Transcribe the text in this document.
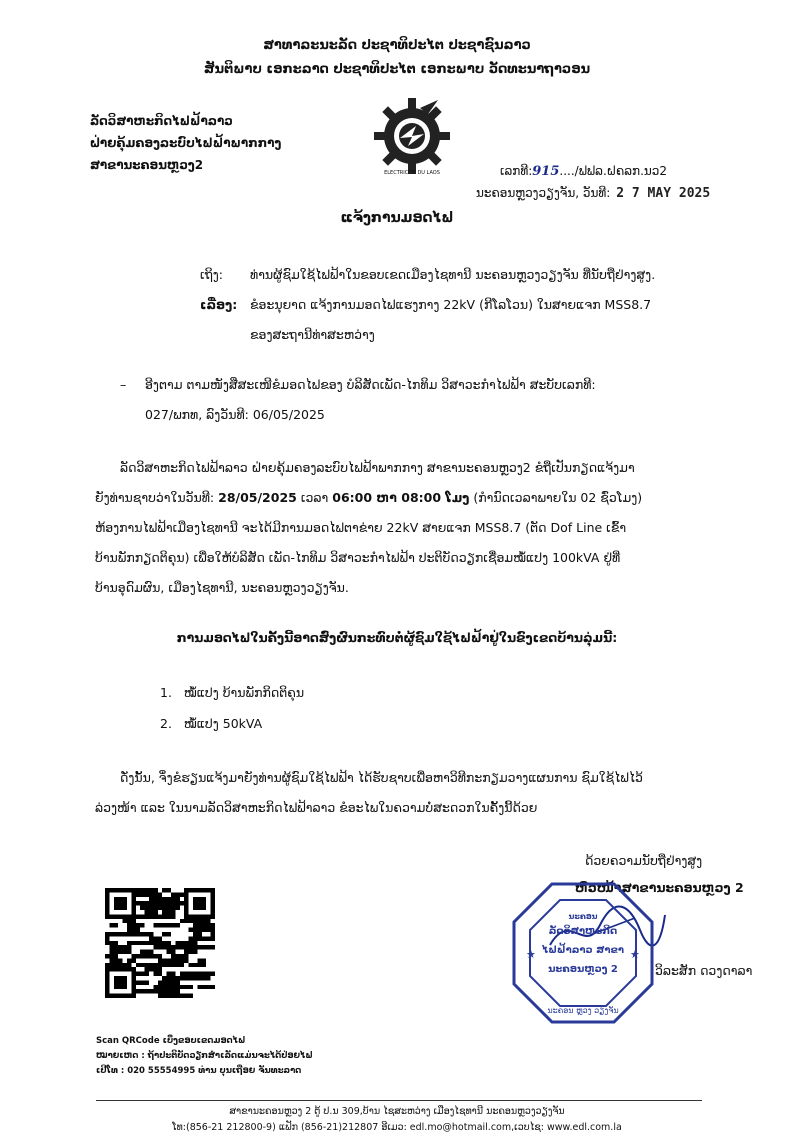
ສາທາລະນະລັດ ປະຊາທິປະໄຕ ປະຊາຊົນລາວ
ສັນຕິພາບ ເອກະລາດ ປະຊາທິປະໄຕ ເອກະພາບ ວັດທະນາຖາວອນ
ລັດວິສາຫະກິດໄຟຟ້າລາວ
ຝ່າຍຄຸ້ມຄອງລະບົບໄຟຟ້າພາກກາງ
ສາຂານະຄອນຫຼວງ2
ELECTRICITE DU LAOS	ເລກທີ:915..../ຟຟລ.ຝຄລກ.ນວ2
ນະຄອນຫຼວງວຽງຈັນ, ວັນທີ: 2 7 MAY 2025
ແຈ້ງການມອດໄຟ
ເຖິງ: ທ່ານຜູ້ຊົມໃຊ້ໄຟຟ້າໃນຂອບເຂດເມືອງໄຊທານີ ນະຄອນຫຼວງວຽງຈັນ ທີ່ນັບຖືຢ່າງສູງ.
ເລື່ອງ: ຂໍອະນຸຍາດ ແຈ້ງການມອດໄຟແຮງກາງ 22kV (ກີໂລໂວນ) ໃນສາຍແຈກ MSS8.7
ຂອງສະຖານີທ່າສະຫວ່າງ
– ອີງຕາມ ຕາມໜັງສືສະເໜີຂໍມອດໄຟຂອງ ບໍລິສັດເພັດ-ໄກທິມ ວິສາວະກຳໄຟຟ້າ ສະບັບເລກທີ:
027/ພກທ, ລົງວັນທີ: 06/05/2025
ລັດວິສາຫະກິດໄຟຟ້າລາວ ຝ່າຍຄຸ້ມຄອງລະບົບໄຟຟ້າພາກກາງ ສາຂານະຄອນຫຼວງ2 ຂໍຖືເປັນກຽດແຈ້ງມາ
ຍັງທ່ານຊາບວ່າໃນວັນທີ: 28/05/2025 ເວລາ 06:00 ຫາ 08:00 ໂມງ (ກຳນົດເວລາພາຍໃນ 02 ຊົ່ວໂມງ)
ຫ້ອງການໄຟຟ້າເມືອງໄຊທານີ ຈະໄດ້ມີການມອດໄຟຕາຂ່າຍ 22kV ສາຍແຈກ MSS8.7 (ຕັດ Dof Line ເຂົ້າ
ບ້ານພັກກຽດຕິຄຸນ) ເພື່ອໃຫ້ບໍລິສັດ ເພັດ-ໄກທິມ ວິສາວະກຳໄຟຟ້າ ປະຕິບັດວຽກເຊື່ອມໝໍ້ແປງ 100kVA ຢູ່ທີ່
ບ້ານອຸດົມຜົນ, ເມືອງໄຊທານີ, ນະຄອນຫຼວງວຽງຈັນ.
ການມອດໄຟໃນຄັ້ງນີ້ອາດສົ່ງຜົນກະທົບຕໍ່ຜູ້ຊົມໃຊ້ໄຟຟ້າຢູ່ໃນຂົງເຂດບ້ານລຸ່ມນີ້:
1. ໝໍ້ແປງ ບ້ານພັກກິດຕິຄຸນ
2. ໝໍ້ແປງ 50kVA
ດັ່ງນັ້ນ, ຈຶ່ງຂໍຮຽນແຈ້ງມາຍັງທ່ານຜູ້ຊົມໃຊ້ໄຟຟ້າ ໄດ້ຮັບຊາບເພື່ອຫາວິທີກະກຽມວາງແຜນການ ຊົມໃຊ້ໄຟໄວ້
ລ່ວງໜ້າ ແລະ ໃນນາມລັດວິສາຫະກິດໄຟຟ້າລາວ ຂໍອະໄພໃນຄວາມບໍ່ສະດວກໃນຄັ້ງນີ້ດ້ວຍ
ດ້ວຍຄວາມນັບຖືຢ່າງສູງ
ຫົວໜ້າສາຂານະຄອນຫຼວງ 2
★	★
ນະຄອນ
ລັດວິສາຫະກິດ
ໄຟຟ້າລາວ ສາຂາ
ນະຄອນຫຼວງ 2
ນະຄອນ ຫຼວງ ວຽງຈັນ
ວິລະສັກ ດວງດາລາ
Scan QRCode ເບິ່ງຂອບເຂດມອດໄຟ
ໝາຍເຫດ : ຖ້າປະຕິບັດວຽກສຳເລັດແມ່ນຈະໄດ້ປ່ອຍໄຟ
ເປີໂທ : 020 55554995 ທ່ານ ບຸນເຖືອຍ ຈັນທະລາດ
ສາຂານະຄອນຫຼວງ 2 ຕູ້ ປ.ນ 309,ບ້ານ ໄຊສະຫວ່າງ ເມືອງໄຊທານີ ນະຄອນຫຼວງວຽງຈັນ
ໂທ:(856-21 212800-9) ແຟັກ (856-21)212807 ອີເມວ: edl.mo@hotmail.com,ເວບໄຊ: www.edl.com.la
